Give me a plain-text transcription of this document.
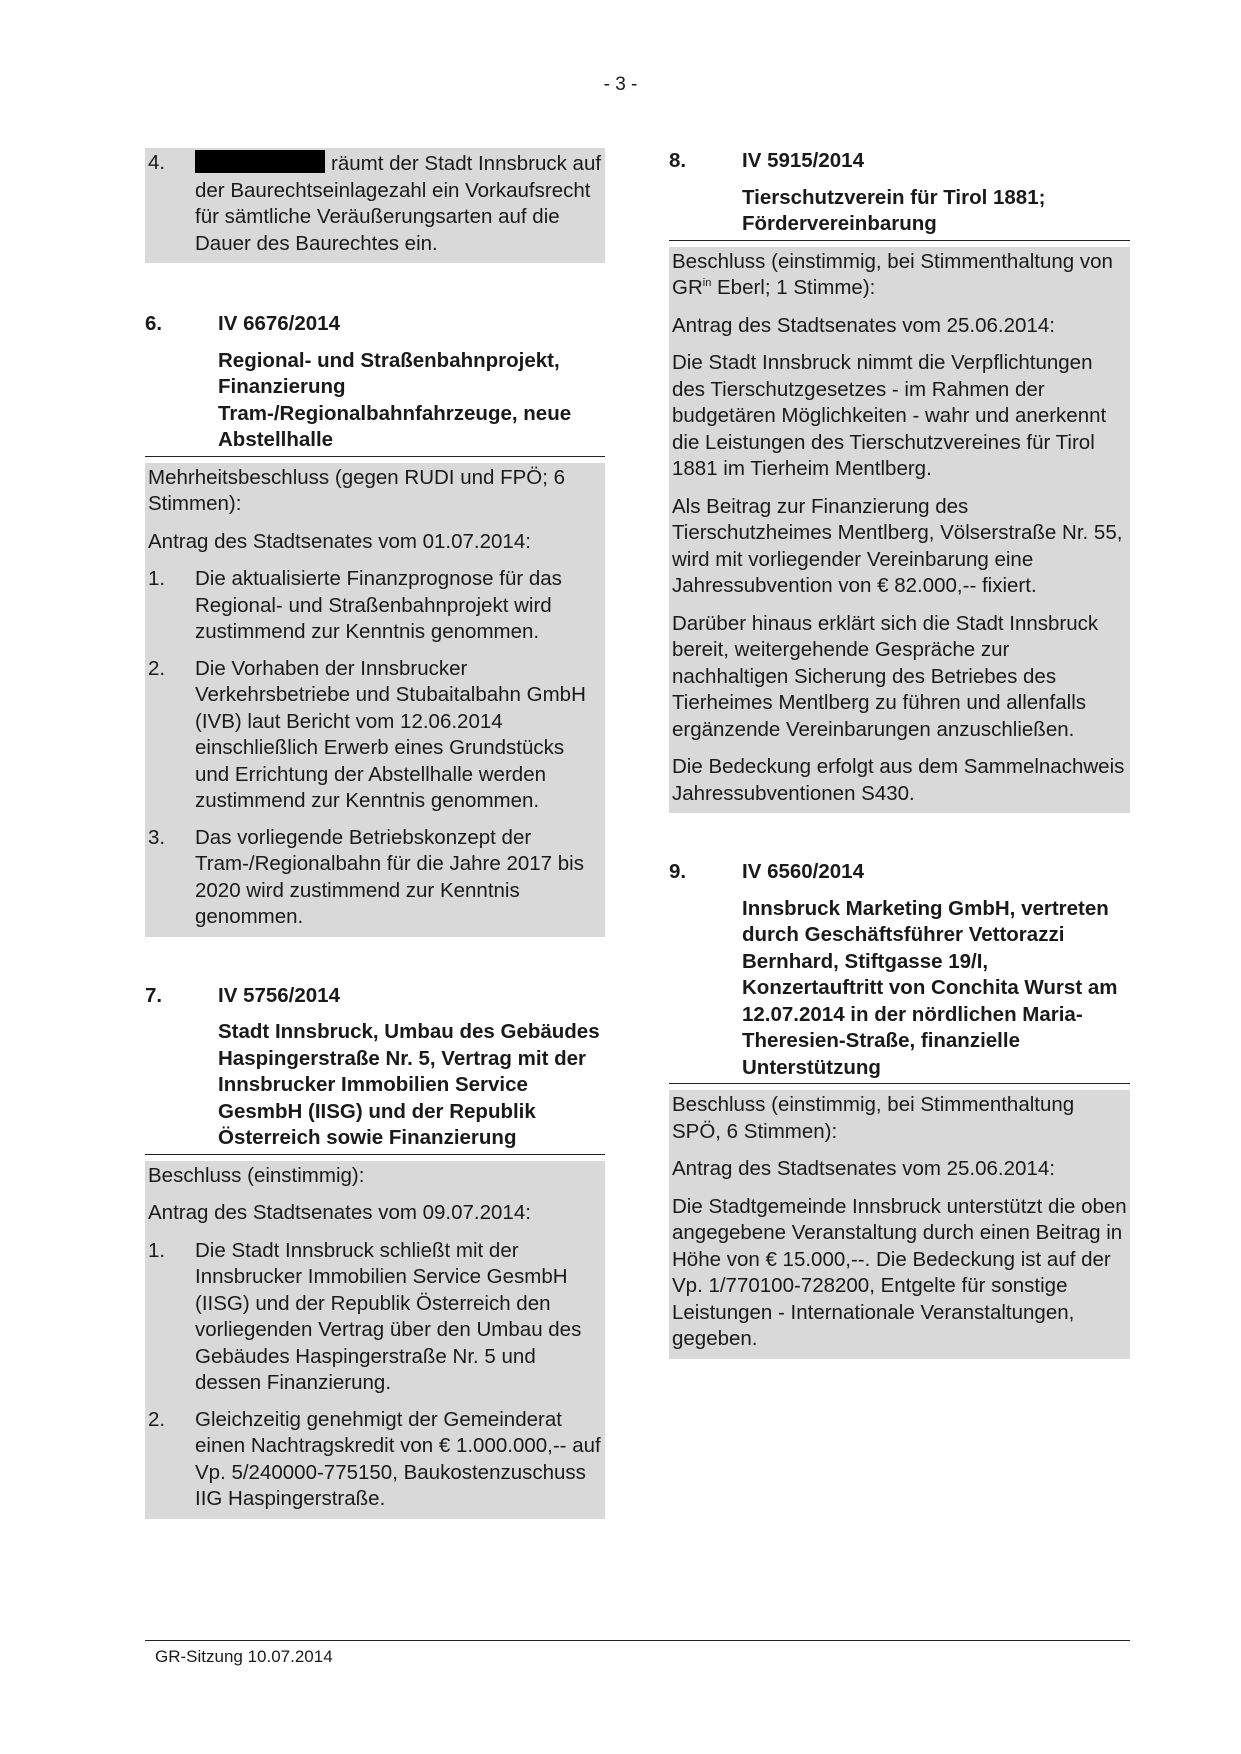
- 3 -
4.	räumt der Stadt Innsbruck auf der Baurechtseinlagezahl ein Vorkaufsrecht für sämtliche Veräußerungsarten auf die Dauer des Baurechtes ein.
6.	IV 6676/2014
Regional- und Straßenbahnprojekt, Finanzierung Tram-/Regionalbahnfahrzeuge, neue Abstellhalle

Mehrheitsbeschluss (gegen RUDI und FPÖ; 6 Stimmen):

Antrag des Stadtsenates vom 01.07.2014:

1.	Die aktualisierte Finanzprognose für das Regional- und Straßenbahnprojekt wird zustimmend zur Kenntnis genommen.
2.	Die Vorhaben der Innsbrucker Verkehrsbetriebe und Stubaitalbahn GmbH (IVB) laut Bericht vom 12.06.2014 einschließlich Erwerb eines Grundstücks und Errichtung der Abstellhalle werden zustimmend zur Kenntnis genommen.
3.	Das vorliegende Betriebskonzept der Tram-/Regionalbahn für die Jahre 2017 bis 2020 wird zustimmend zur Kenntnis genommen.
7.	IV 5756/2014
Stadt Innsbruck, Umbau des Gebäudes Haspingerstraße Nr. 5, Vertrag mit der Innsbrucker Immobilien Service GesmbH (IISG) und der Republik Österreich sowie Finanzierung

Beschluss (einstimmig):

Antrag des Stadtsenates vom 09.07.2014:

1.	Die Stadt Innsbruck schließt mit der Innsbrucker Immobilien Service GesmbH (IISG) und der Republik Österreich den vorliegenden Vertrag über den Umbau des Gebäudes Haspingerstraße Nr. 5 und dessen Finanzierung.
2.	Gleichzeitig genehmigt der Gemeinderat einen Nachtragskredit von € 1.000.000,-- auf Vp. 5/240000-775150, Baukostenzuschuss IIG Haspingerstraße.
8.	IV 5915/2014
Tierschutzverein für Tirol 1881; Fördervereinbarung

Beschluss (einstimmig, bei Stimmenthaltung von $GR^{in}$ Eberl; 1 Stimme):

Antrag des Stadtsenates vom 25.06.2014:

Die Stadt Innsbruck nimmt die Verpflichtungen des Tierschutzgesetzes - im Rahmen der budgetären Möglichkeiten - wahr und anerkennt die Leistungen des Tierschutzvereines für Tirol 1881 im Tierheim Mentlberg.

Als Beitrag zur Finanzierung des Tierschutzheimes Mentlberg, Völserstraße Nr. 55, wird mit vorliegender Vereinbarung eine Jahressubvention von € 82.000,-- fixiert.

Darüber hinaus erklärt sich die Stadt Innsbruck bereit, weitergehende Gespräche zur nachhaltigen Sicherung des Betriebes des Tierheimes Mentlberg zu führen und allenfalls ergänzende Vereinbarungen anzuschließen.

Die Bedeckung erfolgt aus dem Sammelnachweis Jahressubventionen S430.

9.	IV 6560/2014
Innsbruck Marketing GmbH, vertreten durch Geschäftsführer Vettorazzi Bernhard, Stiftgasse 19/I, Konzertauftritt von Conchita Wurst am 12.07.2014 in der nördlichen Maria-Theresien-Straße, finanzielle Unterstützung

Beschluss (einstimmig, bei Stimmenthaltung SPÖ, 6 Stimmen):

Antrag des Stadtsenates vom 25.06.2014:

Die Stadtgemeinde Innsbruck unterstützt die oben angegebene Veranstaltung durch einen Beitrag in Höhe von € 15.000,--. Die Bedeckung ist auf der Vp. 1/770100-728200, Entgelte für sonstige Leistungen - Internationale Veranstaltungen, gegeben.

GR-Sitzung 10.07.2014
